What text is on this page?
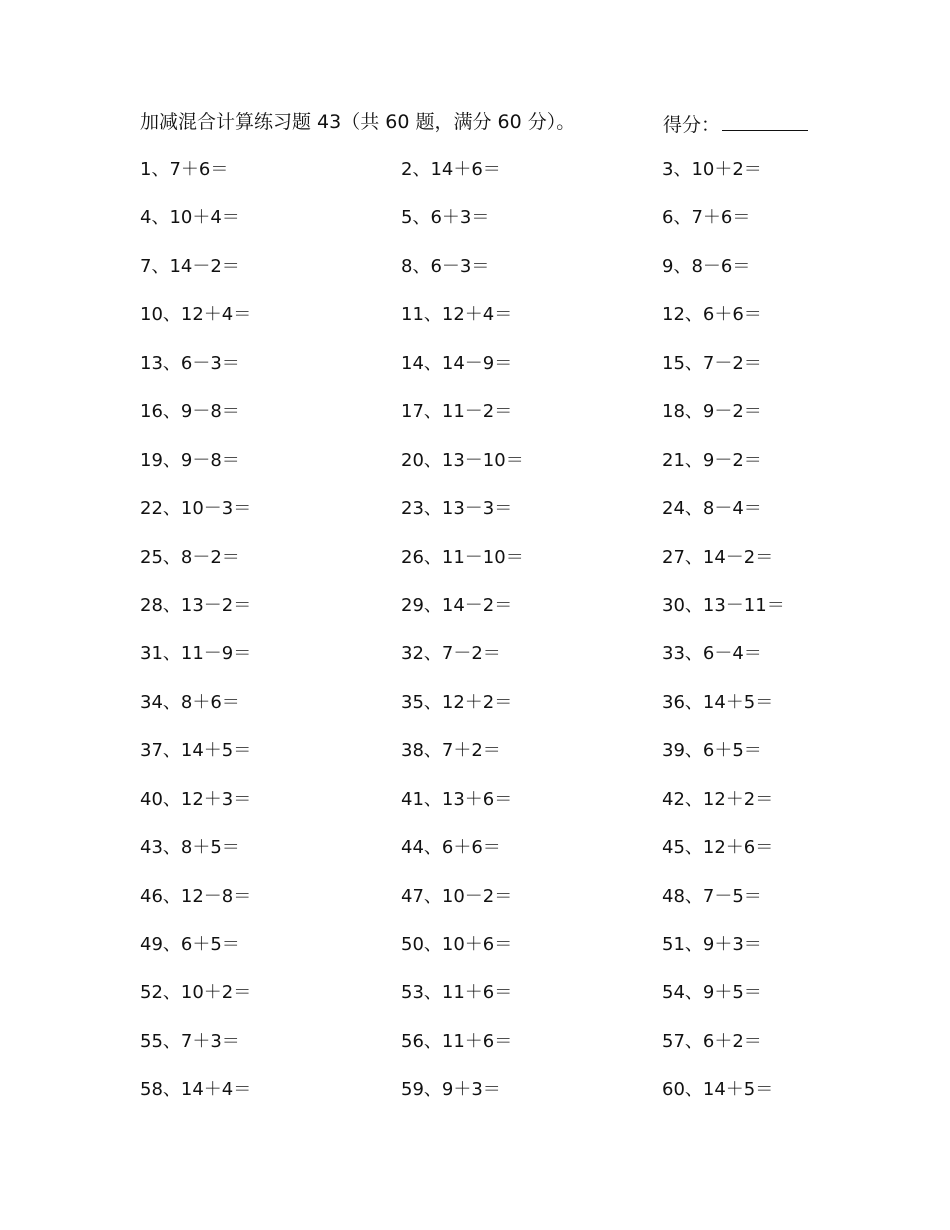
加减混合计算练习题 43（共 60 题，满分 60 分）。	得分：
1、7＋6＝	2、14＋6＝	3、10＋2＝
4、10＋4＝	5、6＋3＝	6、7＋6＝
7、14－2＝	8、6－3＝	9、8－6＝
10、12＋4＝	11、12＋4＝	12、6＋6＝
13、6－3＝	14、14－9＝	15、7－2＝
16、9－8＝	17、11－2＝	18、9－2＝
19、9－8＝	20、13－10＝	21、9－2＝
22、10－3＝	23、13－3＝	24、8－4＝
25、8－2＝	26、11－10＝	27、14－2＝
28、13－2＝	29、14－2＝	30、13－11＝
31、11－9＝	32、7－2＝	33、6－4＝
34、8＋6＝	35、12＋2＝	36、14＋5＝
37、14＋5＝	38、7＋2＝	39、6＋5＝
40、12＋3＝	41、13＋6＝	42、12＋2＝
43、8＋5＝	44、6＋6＝	45、12＋6＝
46、12－8＝	47、10－2＝	48、7－5＝
49、6＋5＝	50、10＋6＝	51、9＋3＝
52、10＋2＝	53、11＋6＝	54、9＋5＝
55、7＋3＝	56、11＋6＝	57、6＋2＝
58、14＋4＝	59、9＋3＝	60、14＋5＝
